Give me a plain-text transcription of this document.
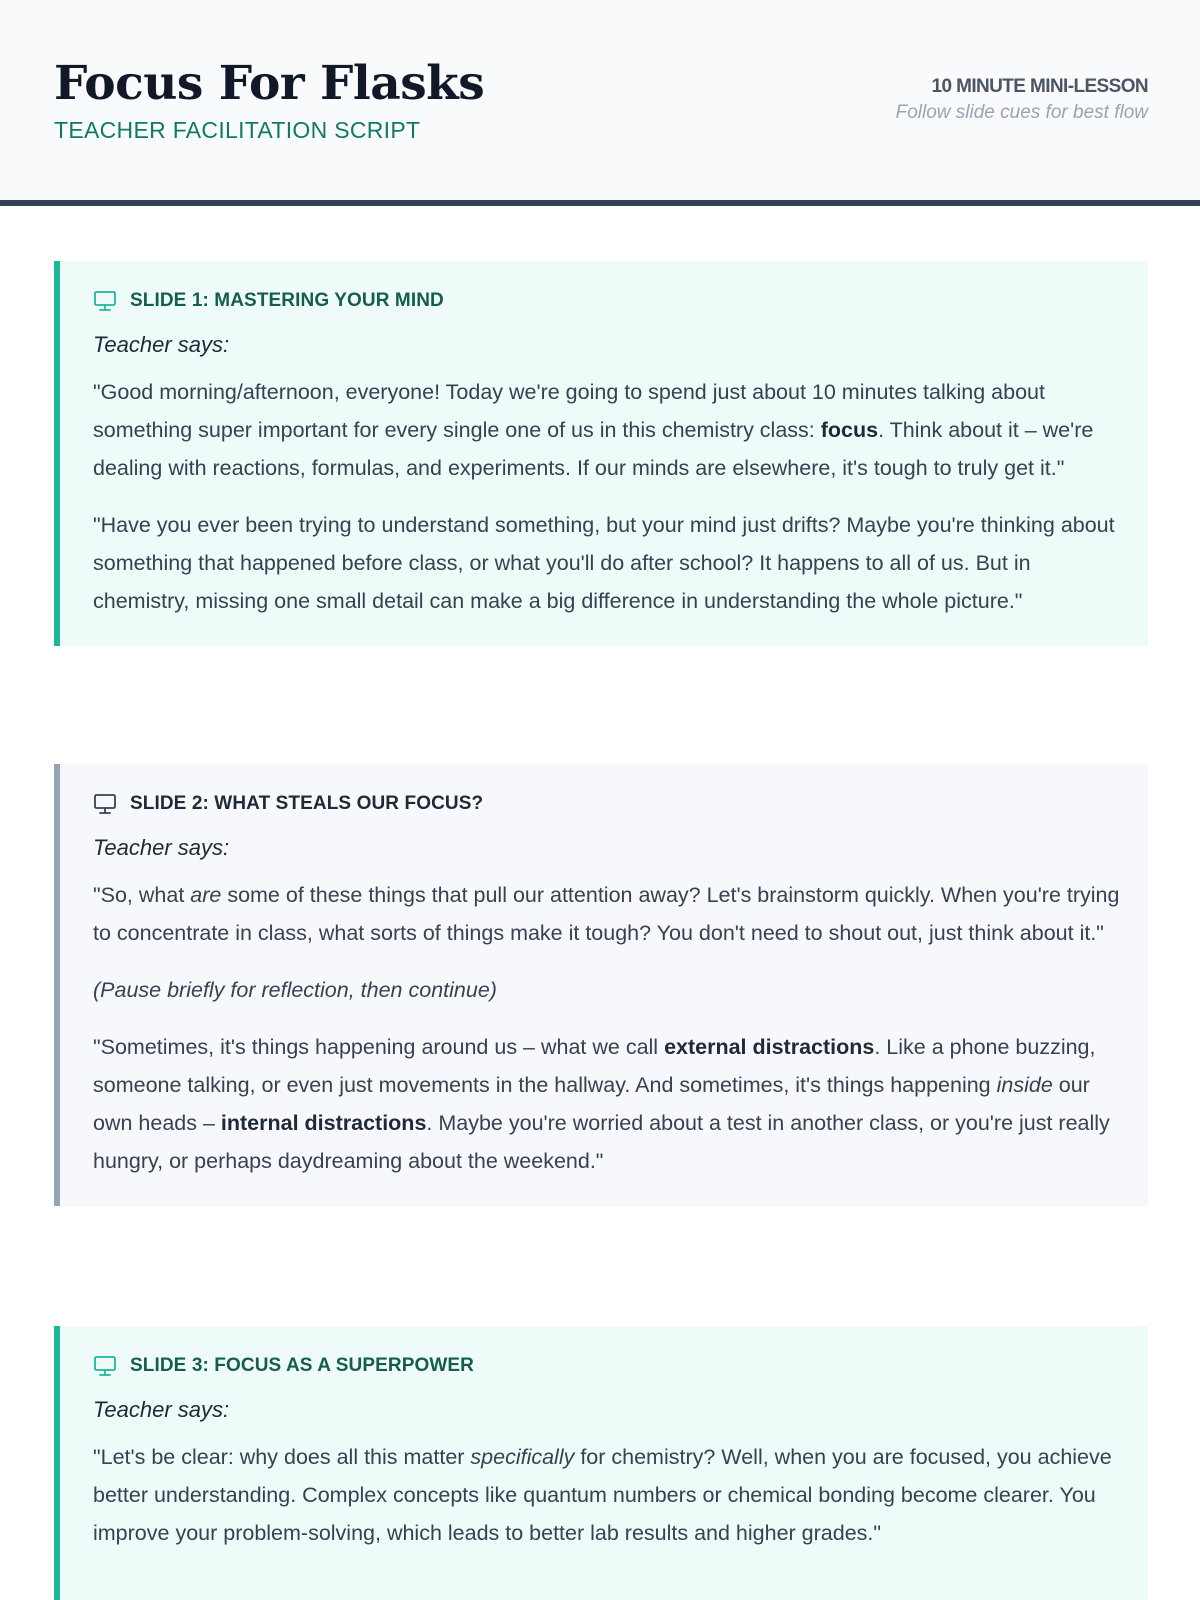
Focus For Flasks
TEACHER FACILITATION SCRIPT
10 MINUTE MINI-LESSON
Follow slide cues for best flow
SLIDE 1: MASTERING YOUR MIND
Teacher says:

"Good morning/afternoon, everyone! Today we're going to spend just about 10 minutes talking about something super important for every single one of us in this chemistry class: focus. Think about it – we're dealing with reactions, formulas, and experiments. If our minds are elsewhere, it's tough to truly get it."

"Have you ever been trying to understand something, but your mind just drifts? Maybe you're thinking about something that happened before class, or what you'll do after school? It happens to all of us. But in chemistry, missing one small detail can make a big difference in understanding the whole picture."

SLIDE 2: WHAT STEALS OUR FOCUS?
Teacher says:

"So, what are some of these things that pull our attention away? Let's brainstorm quickly. When you're trying to concentrate in class, what sorts of things make it tough? You don't need to shout out, just think about it."

(Pause briefly for reflection, then continue)

"Sometimes, it's things happening around us – what we call external distractions. Like a phone buzzing, someone talking, or even just movements in the hallway. And sometimes, it's things happening inside our own heads – internal distractions. Maybe you're worried about a test in another class, or you're just really hungry, or perhaps daydreaming about the weekend."

SLIDE 3: FOCUS AS A SUPERPOWER
Teacher says:

"Let's be clear: why does all this matter specifically for chemistry? Well, when you are focused, you achieve better understanding. Complex concepts like quantum numbers or chemical bonding become clearer. You improve your problem-solving, which leads to better lab results and higher grades."
